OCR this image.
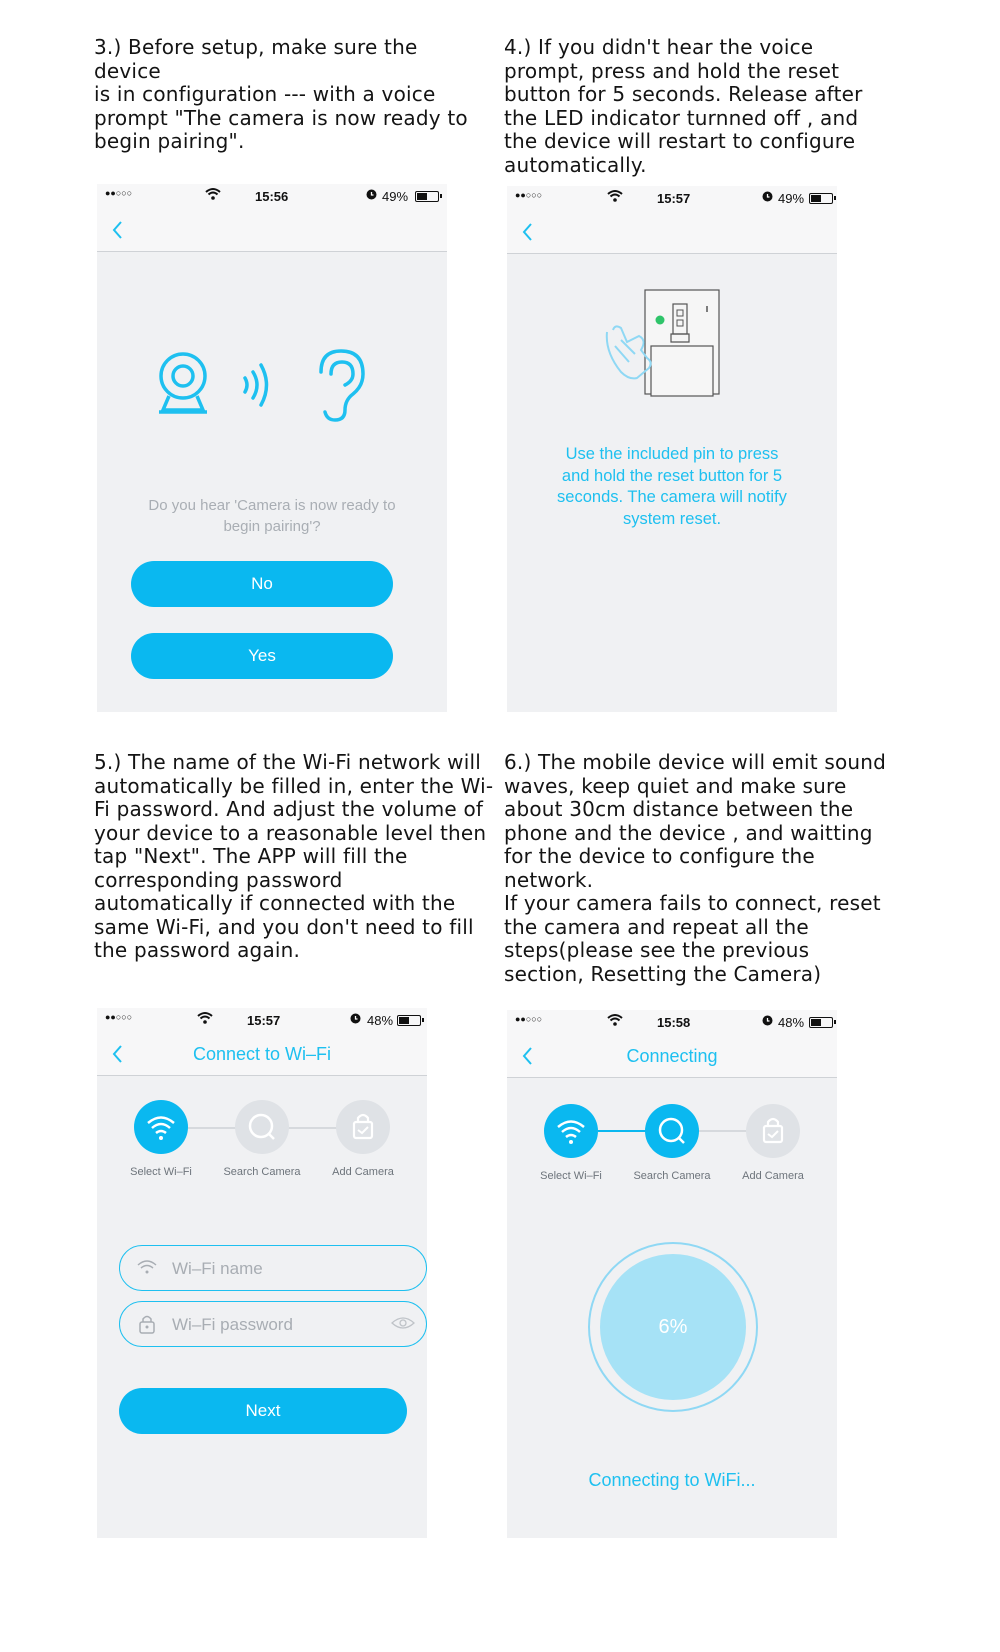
3.) Before setup, make sure the device
is in configuration --- with a voice
prompt "The camera is now ready to
begin pairing".
4.) If you didn't hear the voice
prompt, press and hold the reset
button for 5 seconds. Release after
the LED indicator turnned off , and
the device will restart to configure
automatically.
5.) The name of the Wi-Fi network will
automatically be filled in, enter the Wi-
Fi password. And adjust the volume of
your device to a reasonable level then
tap "Next". The APP will fill the
corresponding password
automatically if connected with the
same Wi-Fi, and you don't need to fill
the password again.
6.) The mobile device will emit sound
waves, keep quiet and make sure
about 30cm distance between the
phone and the device , and waitting
for the device to configure the
network.
If your camera fails to connect, reset
the camera and repeat all the
steps(please see the previous
section, Resetting the Camera)
●●○○○	15:56	49%
Do you hear 'Camera is now ready to
begin pairing'?
No
Yes
●●○○○	15:57	49%
Use the included pin to press
and hold the reset button for 5
seconds. The camera will notify
system reset.
●●○○○	15:57	48%
Connect to Wi–Fi
Select Wi–Fi	Search Camera	Add Camera
Wi–Fi name
Wi–Fi password
Next
●●○○○	15:58	48%
Connecting
Select Wi–Fi	Search Camera	Add Camera
6%
Connecting to WiFi...
